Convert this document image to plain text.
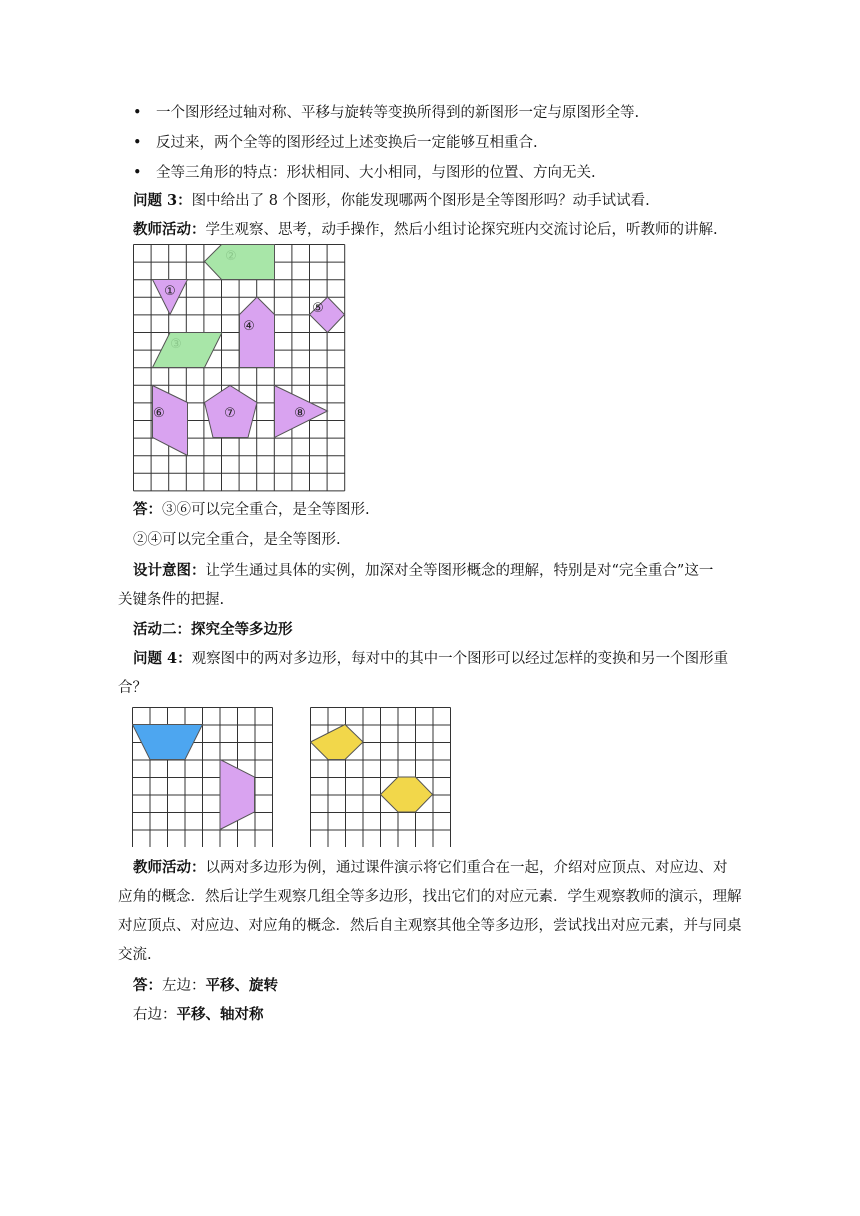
• 一个图形经过轴对称、平移与旋转等变换所得到的新图形一定与原图形全等.
• 反过来，两个全等的图形经过上述变换后一定能够互相重合.
• 全等三角形的特点：形状相同、大小相同，与图形的位置、方向无关.
问题 3：图中给出了 8 个图形，你能发现哪两个图形是全等图形吗？动手试试看.
教师活动：学生观察、思考，动手操作，然后小组讨论探究班内交流讨论后，听教师的讲解.
①
②
③
④
⑤
⑥	⑦	⑧
答：③⑥可以完全重合，是全等图形.
②④可以完全重合，是全等图形.
设计意图：让学生通过具体的实例，加深对全等图形概念的理解，特别是对“完全重合”这一
关键条件的把握.
活动二：探究全等多边形
问题 4：观察图中的两对多边形，每对中的其中一个图形可以经过怎样的变换和另一个图形重
合？
教师活动：以两对多边形为例，通过课件演示将它们重合在一起，介绍对应顶点、对应边、对
应角的概念．然后让学生观察几组全等多边形，找出它们的对应元素．学生观察教师的演示，理解
对应顶点、对应边、对应角的概念．然后自主观察其他全等多边形，尝试找出对应元素，并与同桌
交流.
答：左边：平移、旋转
右边：平移、轴对称
